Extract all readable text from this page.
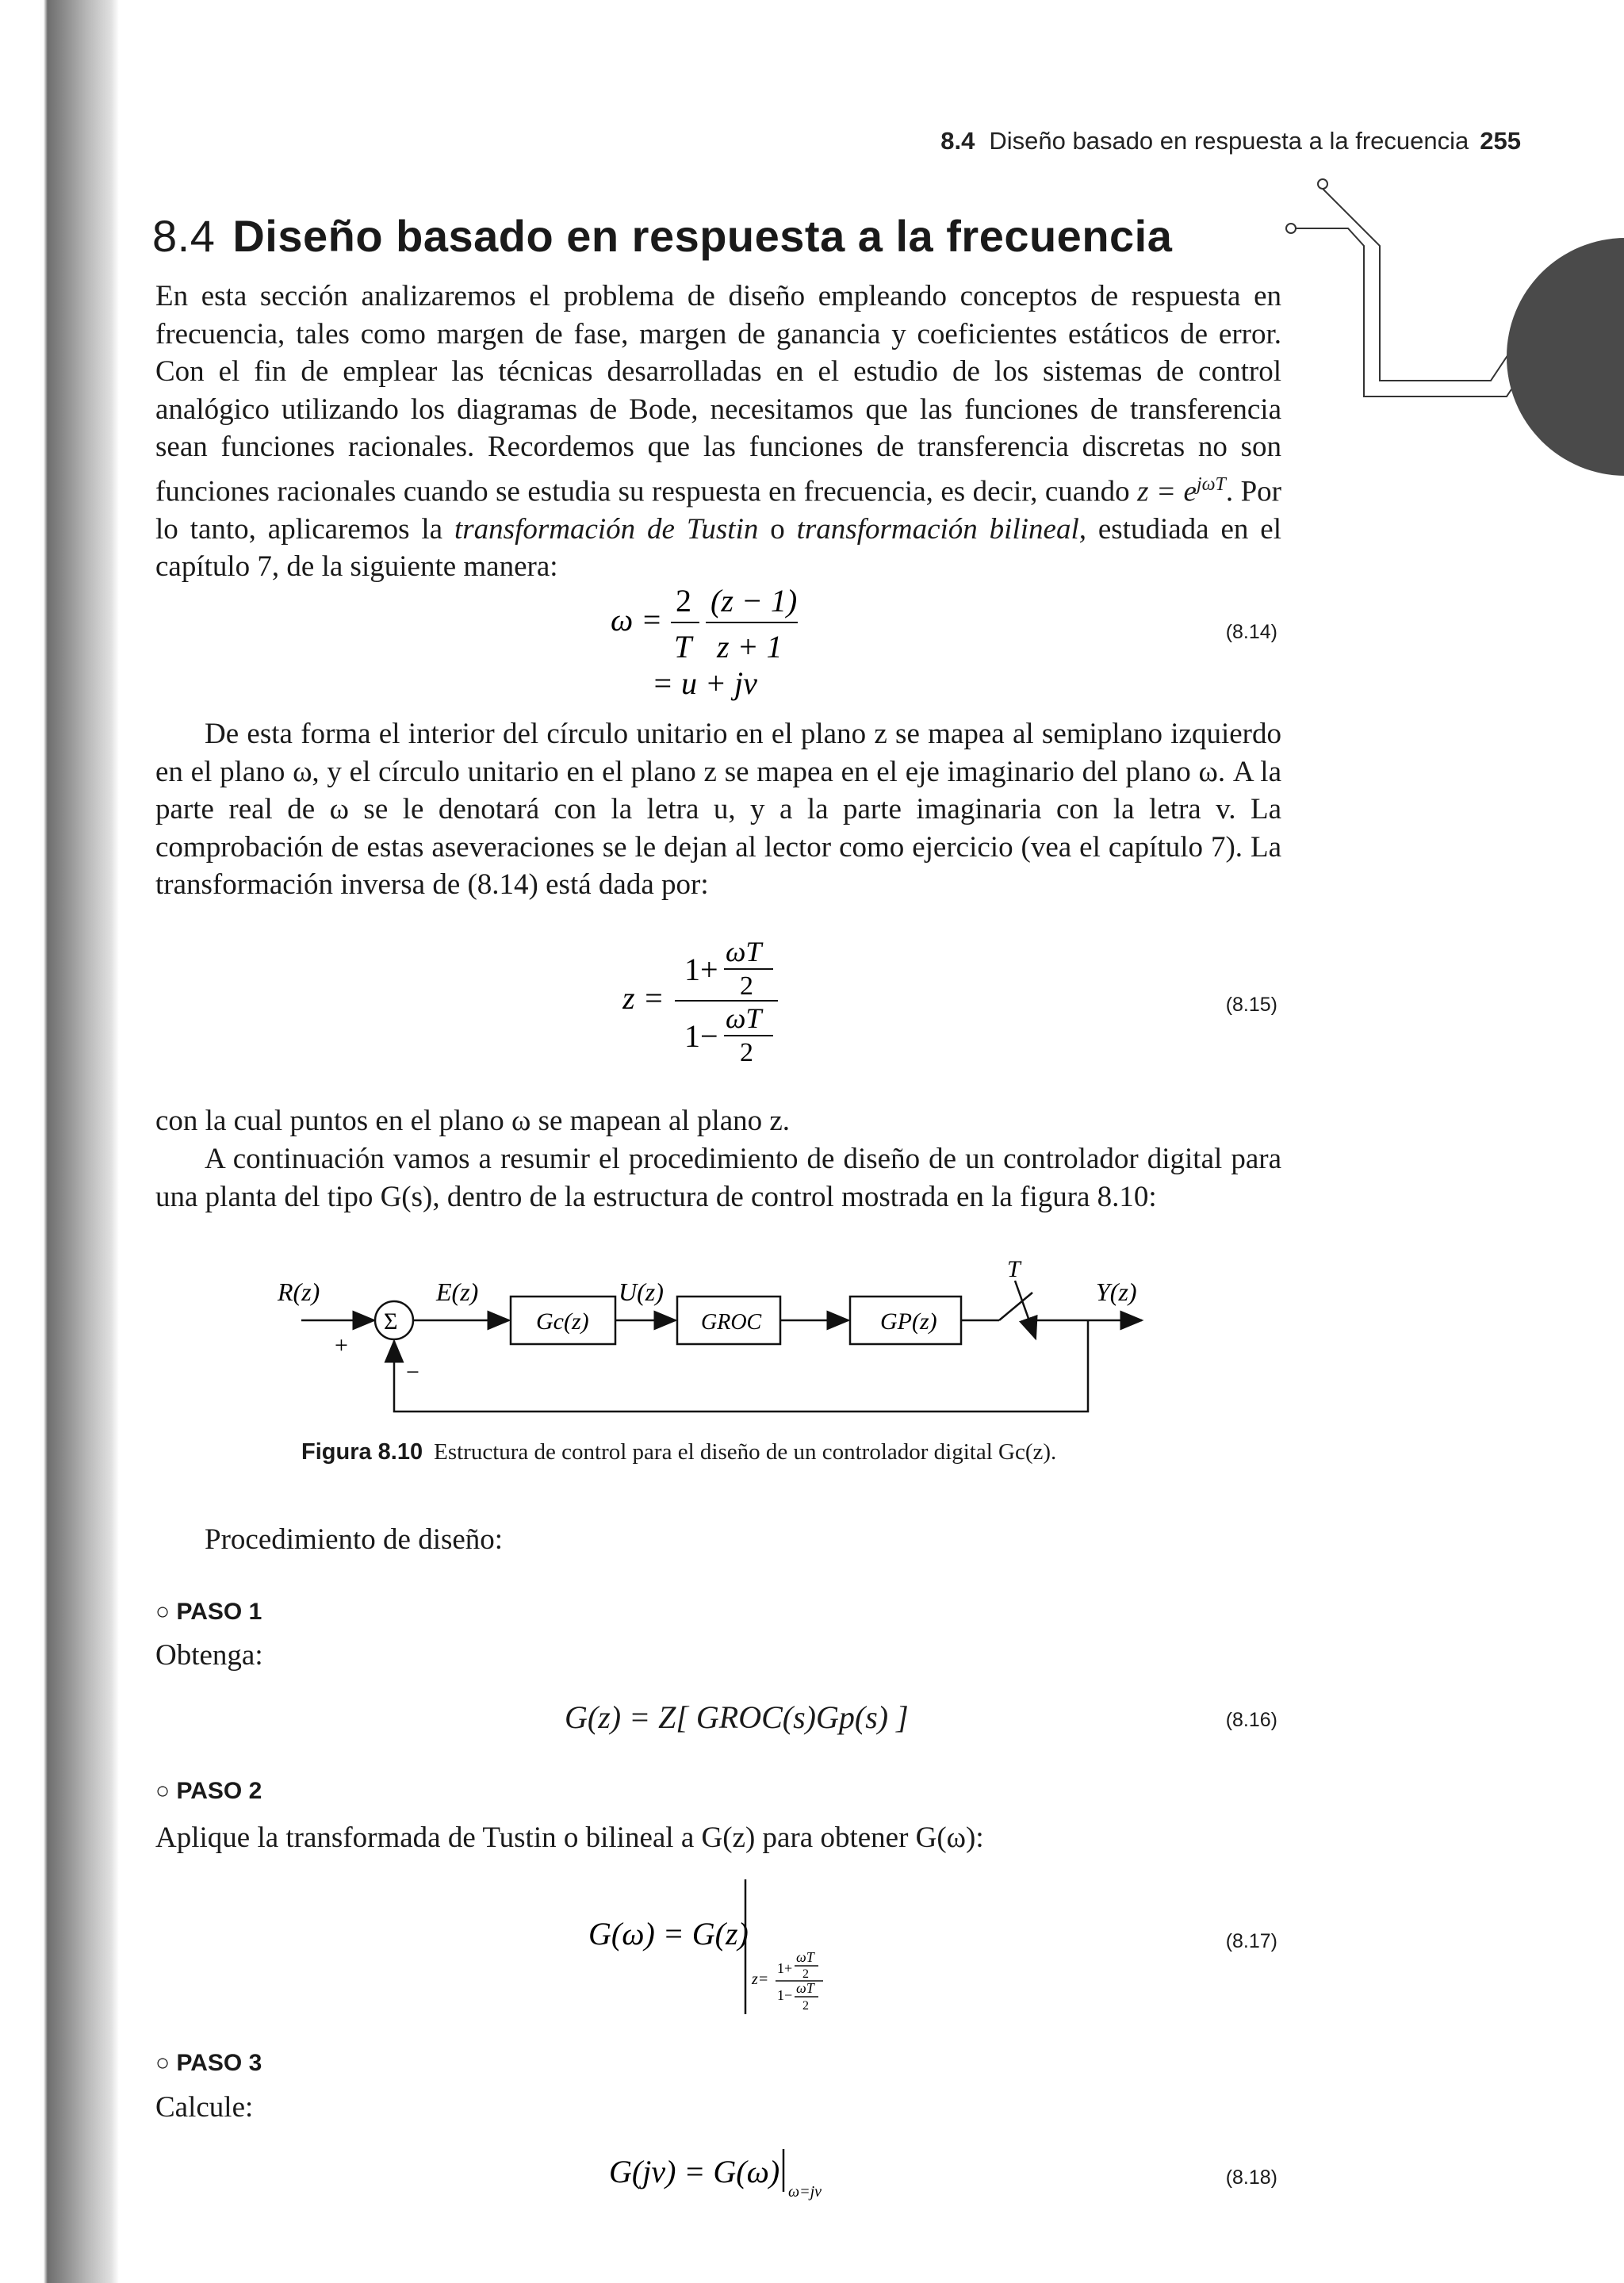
8.4 Diseño basado en respuesta a la frecuencia 255
8.4 Diseño basado en respuesta a la frecuencia

En esta sección analizaremos el problema de diseño empleando conceptos de respuesta en frecuencia, tales como margen de fase, margen de ganancia y coeficientes estáticos de error. Con el fin de emplear las técnicas desarrolladas en el estudio de los sistemas de control analógico utilizando los diagramas de Bode, necesitamos que las funciones de transferencia sean funciones racionales. Recordemos que las funciones de transferencia discretas no son funciones racionales cuando se estudia su respuesta en frecuencia, es decir, cuando $z = e^{j\omega T}$. Por lo tanto, aplicaremos la transformación de Tustin o transformación bilineal, estudiada en el capítulo 7, de la siguiente manera:

ω =
2
T
(z − 1)
z + 1
= u + jv
(8.14)

De esta forma el interior del círculo unitario en el plano z se mapea al semiplano izquierdo en el plano ω, y el círculo unitario en el plano z se mapea en el eje imaginario del plano ω. A la parte real de ω se le denotará con la letra u, y a la parte imaginaria con la letra v. La comprobación de estas aseveraciones se le dejan al lector como ejercicio (vea el capítulo 7). La transformación inversa de (8.14) está dada por:

z =
1+ ωT
2
1− ωT
2
(8.15)

con la cual puntos en el plano ω se mapean al plano z.

A continuación vamos a resumir el procedimiento de diseño de un controlador digital para una planta del tipo G(s), dentro de la estructura de control mostrada en la figura 8.10:

R(z)
+
Σ
−
E(z)
Gc(z)
U(z)
GROC	GP(z)
T
Y(z)
Figura 8.10 Estructura de control para el diseño de un controlador digital Gc(z).
Procedimiento de diseño:
○ PASO 1
Obtenga:
G(z) = Z[ GROC(s)Gp(s) ]	(8.16)
○ PASO 2
Aplique la transformada de Tustin o bilineal a G(z) para obtener G(ω):
G(ω) = G(z)
z=
1+
ωT
2
1− ωT
2
(8.17)
○ PASO 3
Calcule:
G(jv) = G(ω)
ω=jv
(8.18)
